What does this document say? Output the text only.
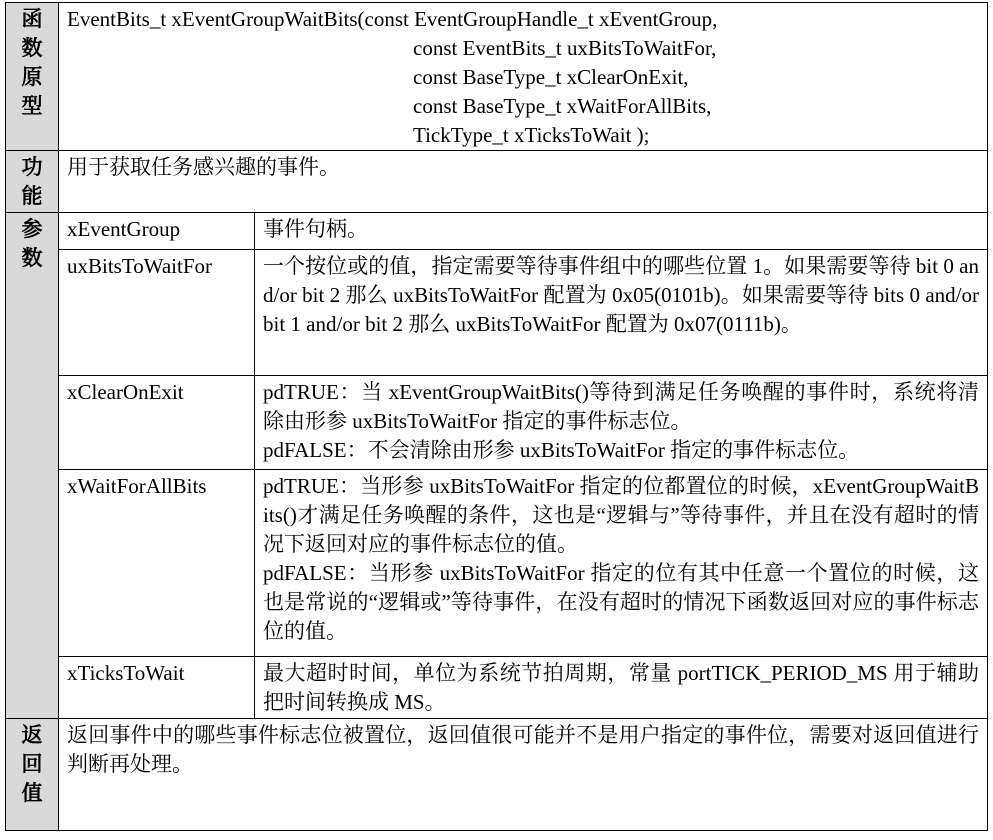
函
数
原
型	EventBits_t xEventGroupWaitBits(const EventGroupHandle_t xEventGroup,
const EventBits_t uxBitsToWaitFor,
const BaseType_t xClearOnExit,
const BaseType_t xWaitForAllBits,
TickType_t xTicksToWait );	

功
能	用于获取任务感兴趣的事件。	

参
数	xEventGroup	事件句柄。

	uxBitsToWaitFor	一个按位或的值，指定需要等待事件组中的哪些位置 1。如果需要等待 bit 0 and/or bit 2 那么 uxBitsToWaitFor 配置为 0x05(0101b)。如果需要等待 bits 0 and/or bit 1 and/or bit 2 那么 uxBitsToWaitFor 配置为 0x07(0111b)。

	xClearOnExit	pdTRUE：当 xEventGroupWaitBits()等待到满足任务唤醒的事件时，系统将清除由形参 uxBitsToWaitFor 指定的事件标志位。
pdFALSE：不会清除由形参 uxBitsToWaitFor 指定的事件标志位。

	xWaitForAllBits	pdTRUE：当形参 uxBitsToWaitFor 指定的位都置位的时候，xEventGroupWaitBits()才满足任务唤醒的条件，这也是“逻辑与”等待事件，并且在没有超时的情况下返回对应的事件标志位的值。
pdFALSE：当形参 uxBitsToWaitFor 指定的位有其中任意一个置位的时候，这也是常说的“逻辑或”等待事件，在没有超时的情况下函数返回对应的事件标志位的值。

	xTicksToWait	最大超时时间，单位为系统节拍周期，常量 portTICK_PERIOD_MS 用于辅助把时间转换成 MS。

返
回
值	返回事件中的哪些事件标志位被置位，返回值很可能并不是用户指定的事件位，需要对返回值进行判断再处理。	
